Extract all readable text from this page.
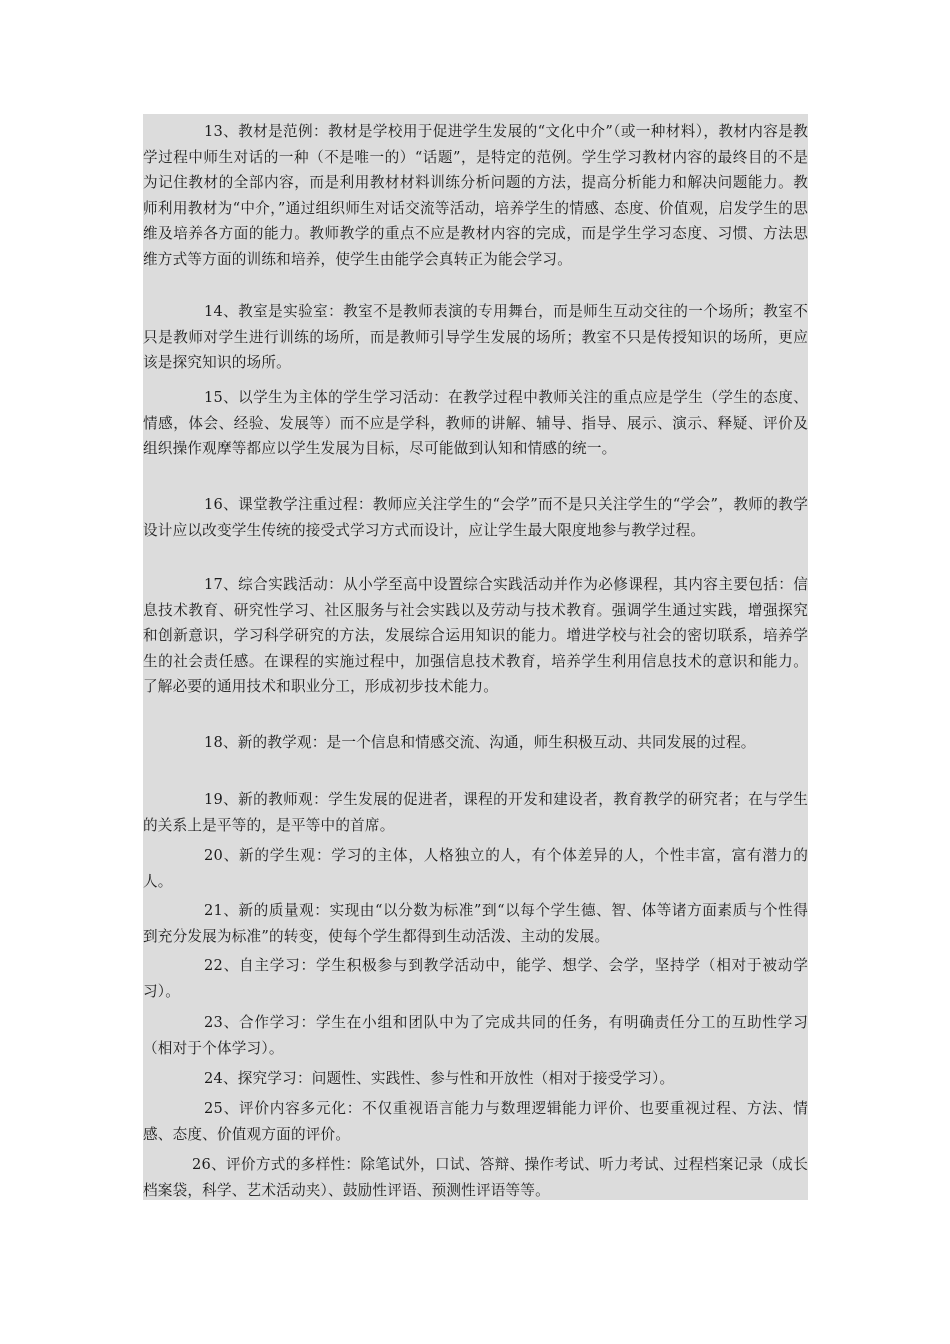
13、教材是范例：教材是学校用于促进学生发展的“文化中介”（或一种材料），教材内容是教学过程中师生对话的一种（不是唯一的）“话题”，是特定的范例。学生学习教材内容的最终目的不是为记住教材的全部内容，而是利用教材材料训练分析问题的方法，提高分析能力和解决问题能力。教师利用教材为“中介，”通过组织师生对话交流等活动，培养学生的情感、态度、价值观，启发学生的思维及培养各方面的能力。教师教学的重点不应是教材内容的完成，而是学生学习态度、习惯、方法思维方式等方面的训练和培养，使学生由能学会真转正为能会学习。

14、教室是实验室：教室不是教师表演的专用舞台，而是师生互动交往的一个场所；教室不只是教师对学生进行训练的场所，而是教师引导学生发展的场所；教室不只是传授知识的场所，更应该是探究知识的场所。

15、以学生为主体的学生学习活动：在教学过程中教师关注的重点应是学生（学生的态度、情感，体会、经验、发展等）而不应是学科，教师的讲解、辅导、指导、展示、演示、释疑、评价及组织操作观摩等都应以学生发展为目标，尽可能做到认知和情感的统一。

16、课堂教学注重过程：教师应关注学生的“会学”而不是只关注学生的“学会”，教师的教学设计应以改变学生传统的接受式学习方式而设计，应让学生最大限度地参与教学过程。

17、综合实践活动：从小学至高中设置综合实践活动并作为必修课程，其内容主要包括：信息技术教育、研究性学习、社区服务与社会实践以及劳动与技术教育。强调学生通过实践，增强探究和创新意识，学习科学研究的方法，发展综合运用知识的能力。增进学校与社会的密切联系，培养学生的社会责任感。在课程的实施过程中，加强信息技术教育，培养学生利用信息技术的意识和能力。了解必要的通用技术和职业分工，形成初步技术能力。

18、新的教学观：是一个信息和情感交流、沟通，师生积极互动、共同发展的过程。

19、新的教师观：学生发展的促进者，课程的开发和建设者，教育教学的研究者；在与学生的关系上是平等的，是平等中的首席。

20、新的学生观：学习的主体，人格独立的人，有个体差异的人，个性丰富，富有潜力的人。

21、新的质量观：实现由“以分数为标准”到“以每个学生德、智、体等诸方面素质与个性得到充分发展为标准”的转变，使每个学生都得到生动活泼、主动的发展。

22、自主学习：学生积极参与到教学活动中，能学、想学、会学，坚持学（相对于被动学习）。

23、合作学习：学生在小组和团队中为了完成共同的任务，有明确责任分工的互助性学习（相对于个体学习）。

24、探究学习：问题性、实践性、参与性和开放性（相对于接受学习）。

25、评价内容多元化：不仅重视语言能力与数理逻辑能力评价、也要重视过程、方法、情感、态度、价值观方面的评价。

26、评价方式的多样性：除笔试外，口试、答辩、操作考试、听力考试、过程档案记录（成长档案袋，科学、艺术活动夹）、鼓励性评语、预测性评语等等。
